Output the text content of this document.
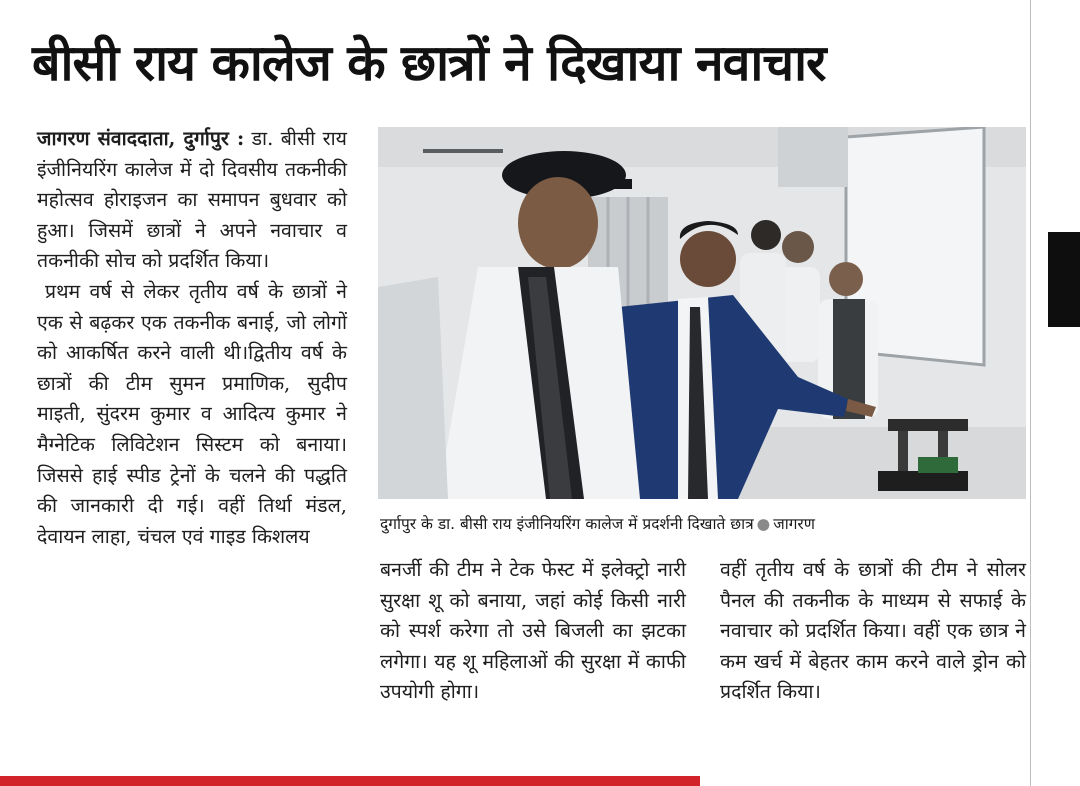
बीसी राय कालेज के छात्रों ने दिखाया नवाचार

जागरण संवाददाता, दुर्गापुर : डा. बीसी राय इंजीनियरिंग कालेज में दो दिवसीय तकनीकी महोत्सव होराइजन का समापन बुधवार को हुआ। जिसमें छात्रों ने अपने नवाचार व तकनीकी सोच को प्रदर्शित किया।

प्रथम वर्ष से लेकर तृतीय वर्ष के छात्रों ने एक से बढ़कर एक तकनीक बनाई, जो लोगों को आकर्षित करने वाली थी।द्वितीय वर्ष के छात्रों की टीम सुमन प्रमाणिक, सुदीप माइती, सुंदरम कुमार व आदित्य कुमार ने मैग्नेटिक लिविटेशन सिस्टम को बनाया। जिससे हाई स्पीड ट्रेनों के चलने की पद्धति की जानकारी दी गई। वहीं तिर्था मंडल, देवायन लाहा, चंचल एवं गाइड किशलय

दुर्गापुर के डा. बीसी राय इंजीनियरिंग कालेज में प्रदर्शनी दिखाते छात्र ● जागरण
बनर्जी की टीम ने टेक फेस्ट में इलेक्ट्रो नारी सुरक्षा शू को बनाया, जहां कोई किसी नारी को स्पर्श करेगा तो उसे बिजली का झटका लगेगा। यह शू महिलाओं की सुरक्षा में काफी उपयोगी होगा।
वहीं तृतीय वर्ष के छात्रों की टीम ने सोलर पैनल की तकनीक के माध्यम से सफाई के नवाचार को प्रदर्शित किया। वहीं एक छात्र ने कम खर्च में बेहतर काम करने वाले ड्रोन को प्रदर्शित किया।
